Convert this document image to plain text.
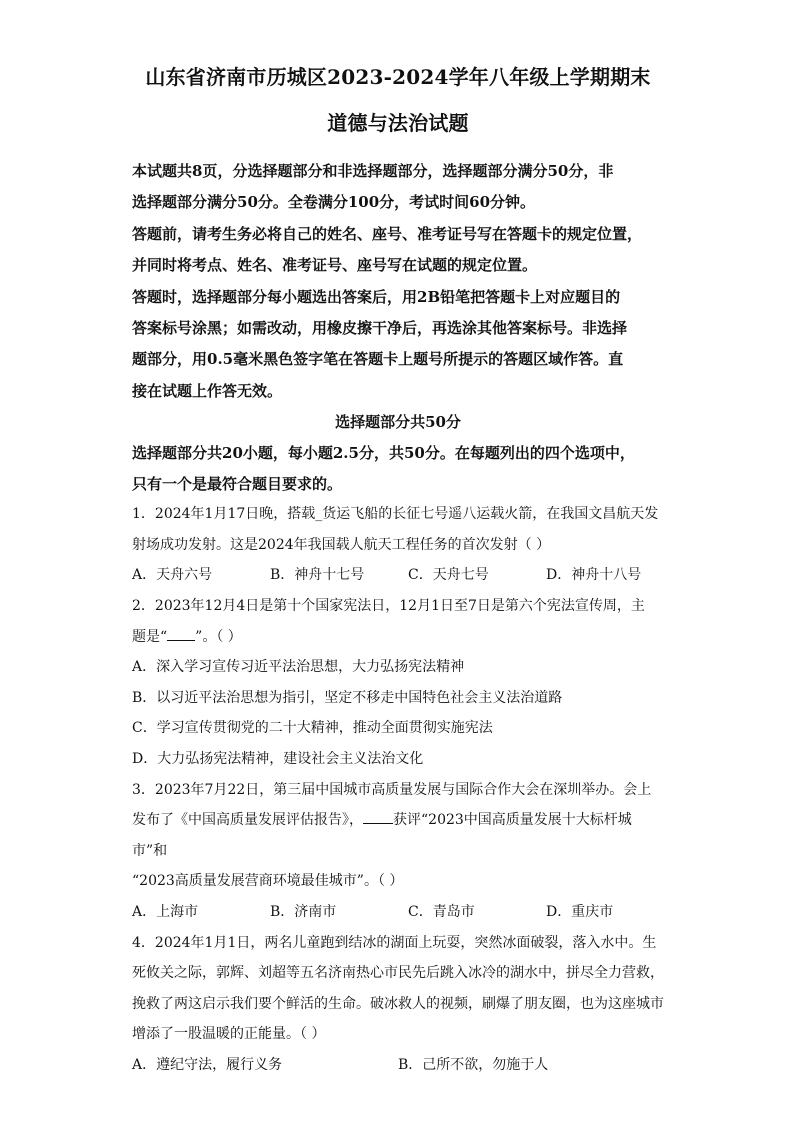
山东省济南市历城区2023-2024学年八年级上学期期末
道德与法治试题

本试题共8页，分选择题部分和非选择题部分，选择题部分满分50分，非

选择题部分满分50分。全卷满分100分，考试时间60分钟。

答题前，请考生务必将自己的姓名、座号、准考证号写在答题卡的规定位置，

并同时将考点、姓名、准考证号、座号写在试题的规定位置。

答题时，选择题部分每小题选出答案后，用2B铅笔把答题卡上对应题目的

答案标号涂黑；如需改动，用橡皮擦干净后，再选涂其他答案标号。非选择

题部分，用0.5毫米黑色签字笔在答题卡上题号所提示的答题区域作答。直

接在试题上作答无效。

选择题部分共50分

选择题部分共20小题，每小题2.5分，共50分。在每题列出的四个选项中，

只有一个是最符合题目要求的。

1．2024年1月17日晚，搭载_货运飞船的长征七号遥八运载火箭，在我国文昌航天发

射场成功发射。这是2024年我国载人航天工程任务的首次发射（ ）

A．天舟六号	B．神舟十七号	C．天舟七号	D．神舟十八号

2．2023年12月4日是第十个国家宪法日，12月1日至7日是第六个宪法宣传周，主

题是“ ”。（ ）

A．深入学习宣传习近平法治思想，大力弘扬宪法精神
B．以习近平法治思想为指引，坚定不移走中国特色社会主义法治道路
C．学习宣传贯彻党的二十大精神，推动全面贯彻实施宪法
D．大力弘扬宪法精神，建设社会主义法治文化

3．2023年7月22日，第三届中国城市高质量发展与国际合作大会在深圳举办。会上

发布了《中国高质量发展评估报告》， 获评“2023中国高质量发展十大标杆城市”和

“2023高质量发展营商环境最佳城市”。（ ）

A．上海市	B．济南市	C．青岛市	D．重庆市

4．2024年1月1日，两名儿童跑到结冰的湖面上玩耍，突然冰面破裂，落入水中。生

死攸关之际，郭辉、刘超等五名济南热心市民先后跳入冰冷的湖水中，拼尽全力营救，

挽救了两这启示我们要个鲜活的生命。破冰救人的视频，刷爆了朋友圈，也为这座城市

增添了一股温暖的正能量。（ ）

A．遵纪守法，履行义务	B．己所不欲，勿施于人
